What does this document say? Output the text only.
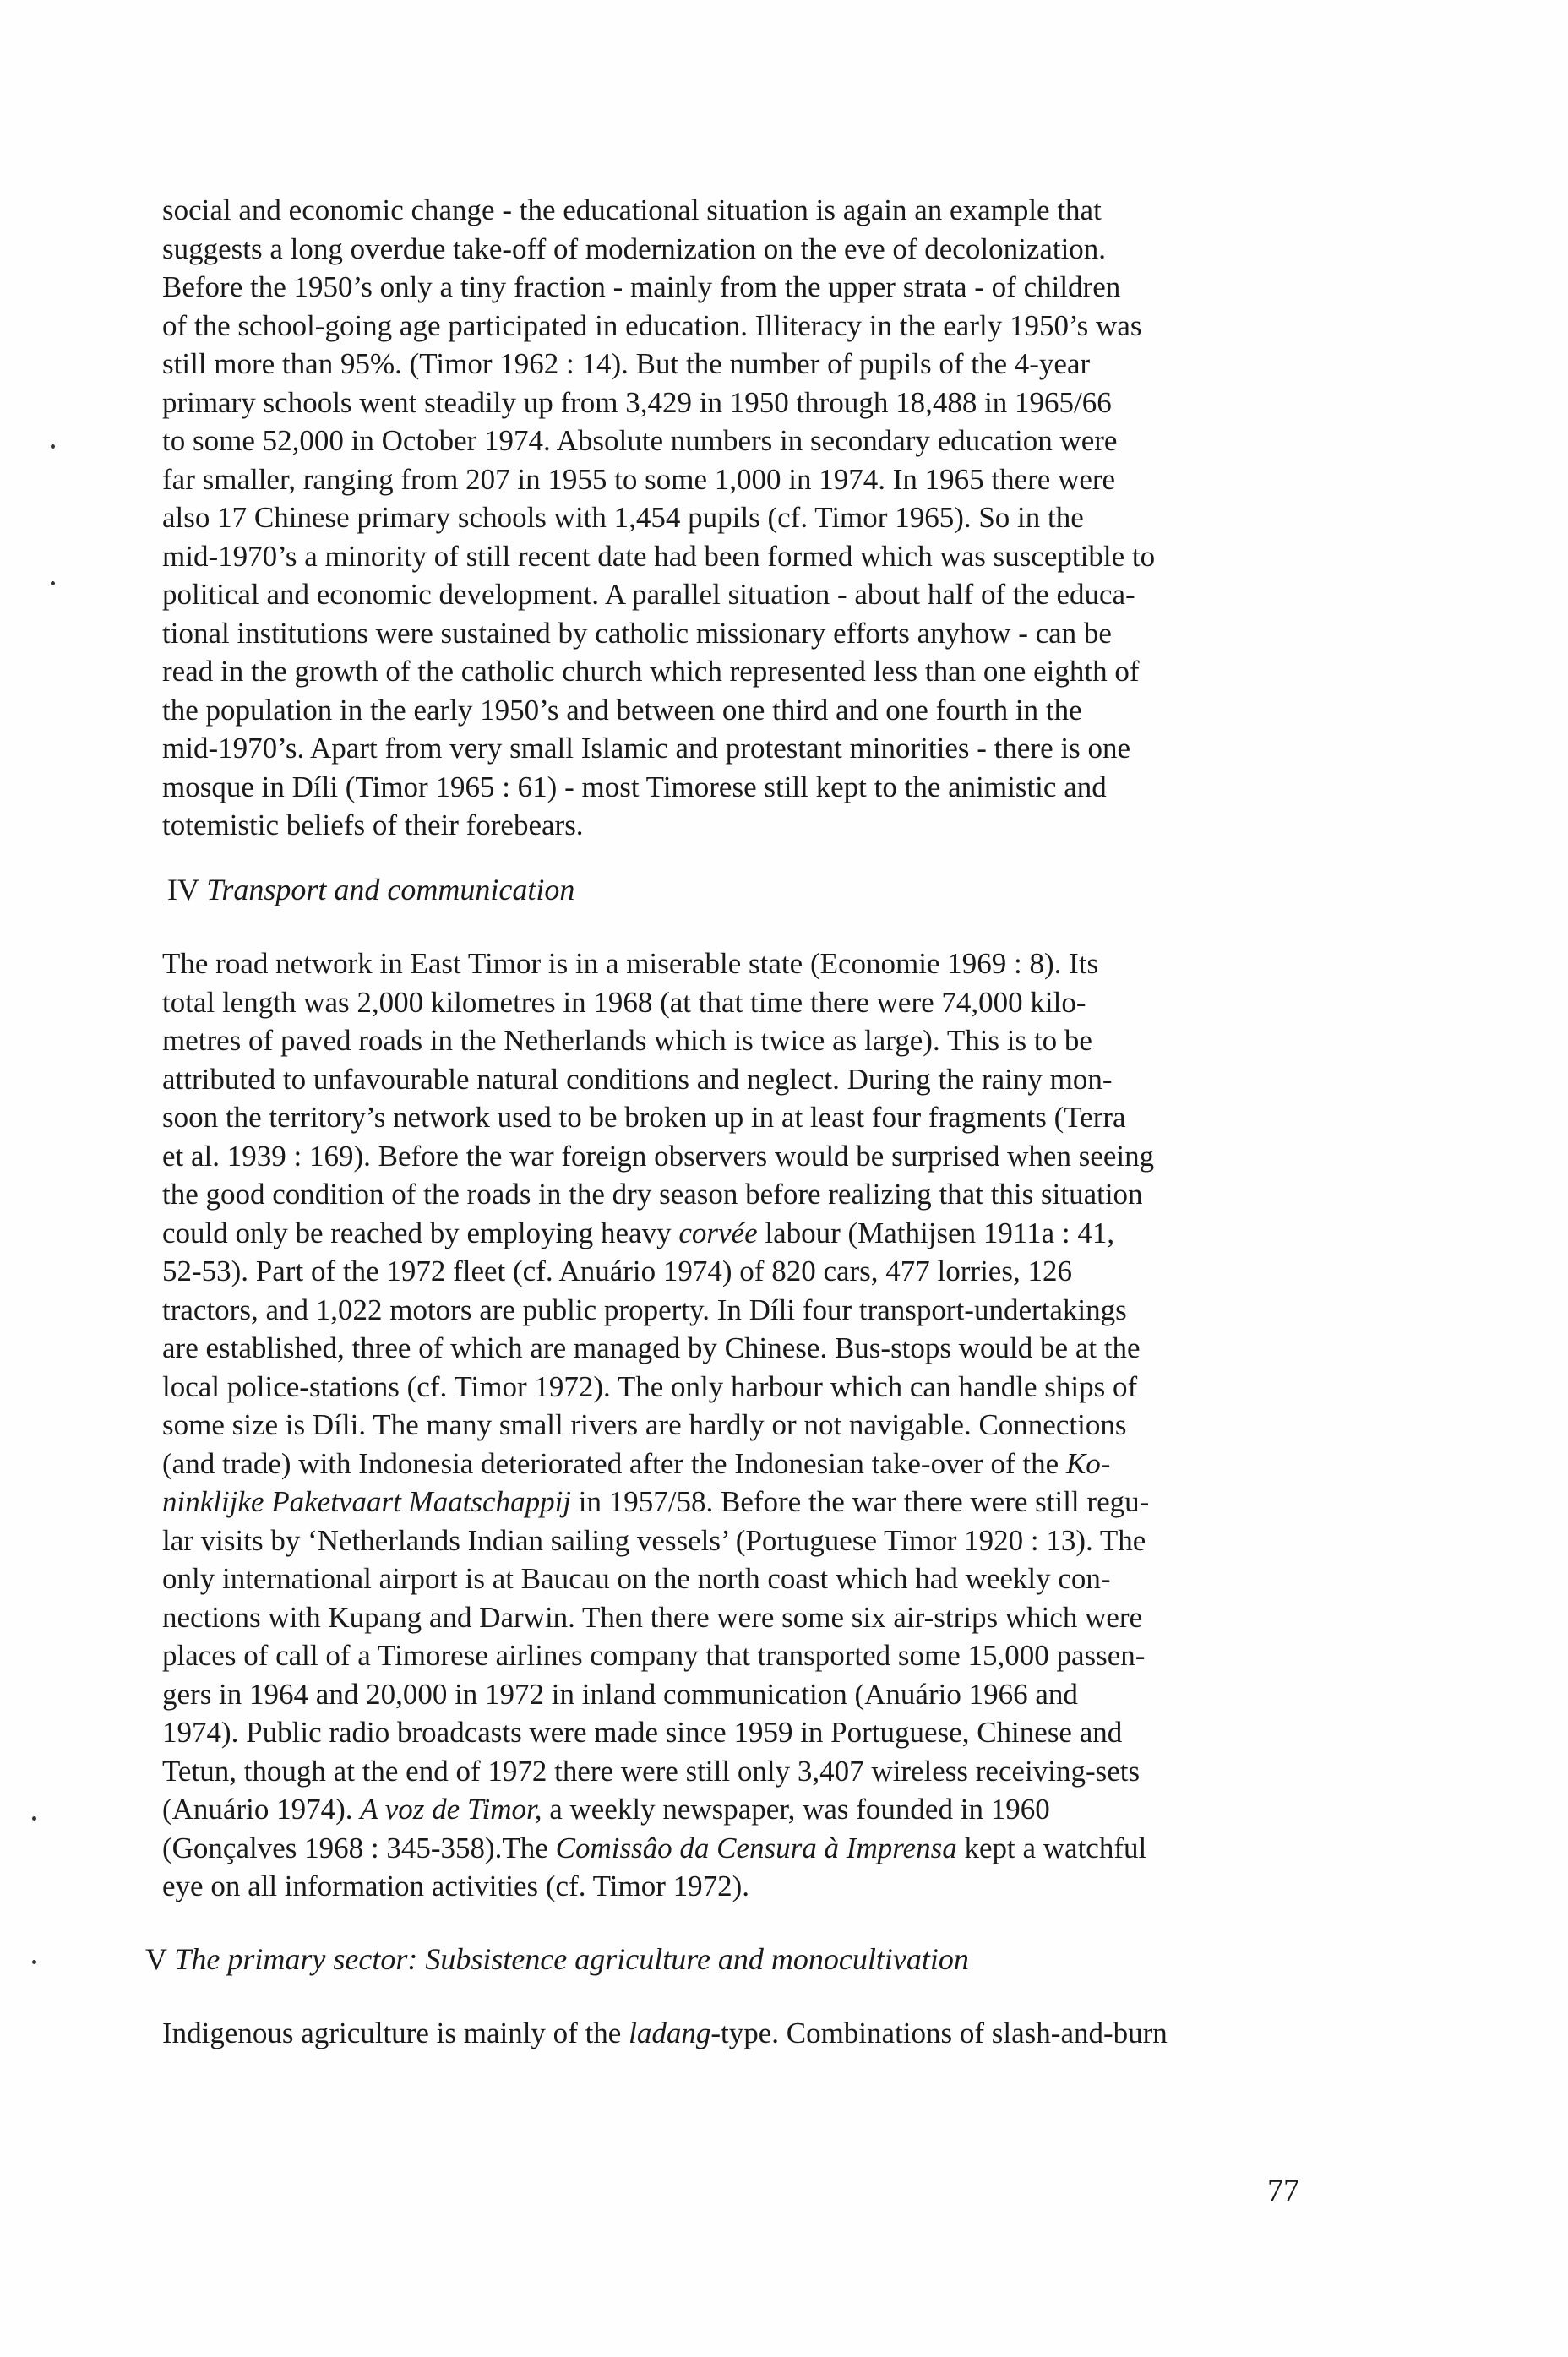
social and economic change - the educational situation is again an example that
suggests a long overdue take-off of modernization on the eve of decolonization.
Before the 1950’s only a tiny fraction - mainly from the upper strata - of children
of the school-going age participated in education. Illiteracy in the early 1950’s was
still more than 95%. (Timor 1962 : 14). But the number of pupils of the 4-year
primary schools went steadily up from 3,429 in 1950 through 18,488 in 1965/66
to some 52,000 in October 1974. Absolute numbers in secondary education were
far smaller, ranging from 207 in 1955 to some 1,000 in 1974. In 1965 there were
also 17 Chinese primary schools with 1,454 pupils (cf. Timor 1965). So in the
mid-1970’s a minority of still recent date had been formed which was susceptible to
political and economic development. A parallel situation - about half of the educa-
tional institutions were sustained by catholic missionary efforts anyhow - can be
read in the growth of the catholic church which represented less than one eighth of
the population in the early 1950’s and between one third and one fourth in the
mid-1970’s. Apart from very small Islamic and protestant minorities - there is one
mosque in Díli (Timor 1965 : 61) - most Timorese still kept to the animistic and
totemistic beliefs of their forebears.

IV Transport and communication

The road network in East Timor is in a miserable state (Economie 1969 : 8). Its
total length was 2,000 kilometres in 1968 (at that time there were 74,000 kilo-
metres of paved roads in the Netherlands which is twice as large). This is to be
attributed to unfavourable natural conditions and neglect. During the rainy mon-
soon the territory’s network used to be broken up in at least four fragments (Terra
et al. 1939 : 169). Before the war foreign observers would be surprised when seeing
the good condition of the roads in the dry season before realizing that this situation
could only be reached by employing heavy corvée labour (Mathijsen 1911a : 41,
52-53). Part of the 1972 fleet (cf. Anuário 1974) of 820 cars, 477 lorries, 126
tractors, and 1,022 motors are public property. In Díli four transport-undertakings
are established, three of which are managed by Chinese. Bus-stops would be at the
local police-stations (cf. Timor 1972). The only harbour which can handle ships of
some size is Díli. The many small rivers are hardly or not navigable. Connections
(and trade) with Indonesia deteriorated after the Indonesian take-over of the Ko-
ninklijke Paketvaart Maatschappij in 1957/58. Before the war there were still regu-
lar visits by ‘Netherlands Indian sailing vessels’ (Portuguese Timor 1920 : 13). The
only international airport is at Baucau on the north coast which had weekly con-
nections with Kupang and Darwin. Then there were some six air-strips which were
places of call of a Timorese airlines company that transported some 15,000 passen-
gers in 1964 and 20,000 in 1972 in inland communication (Anuário 1966 and
1974). Public radio broadcasts were made since 1959 in Portuguese, Chinese and
Tetun, though at the end of 1972 there were still only 3,407 wireless receiving-sets
(Anuário 1974). A voz de Timor, a weekly newspaper, was founded in 1960
(Gonçalves 1968 : 345-358).The Comissâo da Censura à Imprensa kept a watchful
eye on all information activities (cf. Timor 1972).

V The primary sector: Subsistence agriculture and monocultivation

Indigenous agriculture is mainly of the ladang-type. Combinations of slash-and-burn

77
